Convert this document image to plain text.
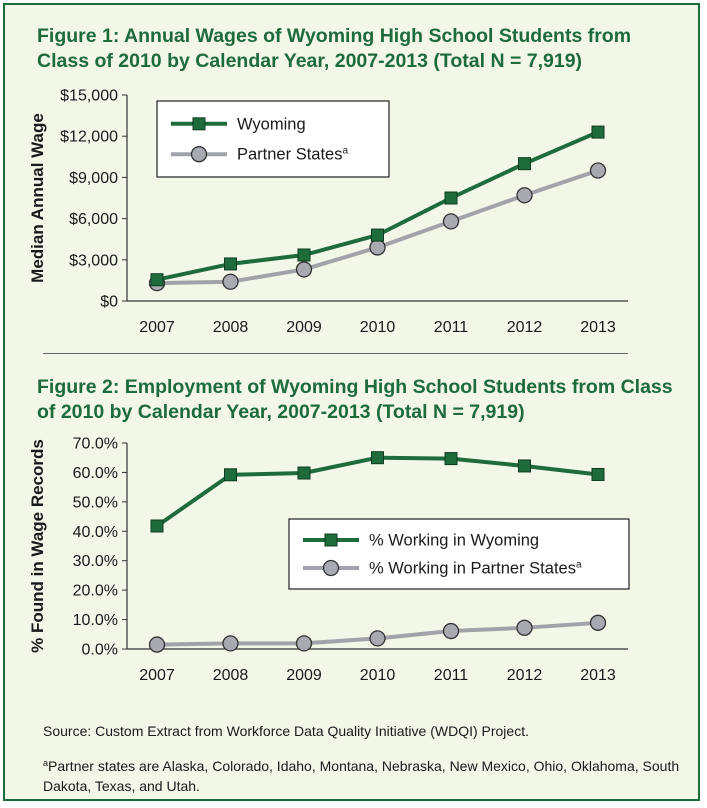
Figure 1: Annual Wages of Wyoming High School Students from Class of 2010 by Calendar Year, 2007-2013 (Total N = 7,919)
$0
$3,000
$6,000
$9,000
$12,000
$15,000
2007 2008 2009 2010 2011 2012 2013
Median Annual Wage	Wyoming
Partner States$^a$
Figure 2: Employment of Wyoming High School Students from Class of 2010 by Calendar Year, 2007-2013 (Total N = 7,919)
0.0%
10.0%
20.0%
30.0%
40.0%
50.0%
60.0%
70.0%
2007 2008 2009 2010 2011 2012 2013
% Found in Wage Records	% Working in Wyoming
% Working in Partner States$^a$

Source: Custom Extract from Workforce Data Quality Initiative (WDQI) Project.

$^a$Partner states are Alaska, Colorado, Idaho, Montana, Nebraska, New Mexico, Ohio, Oklahoma, South Dakota, Texas, and Utah.
